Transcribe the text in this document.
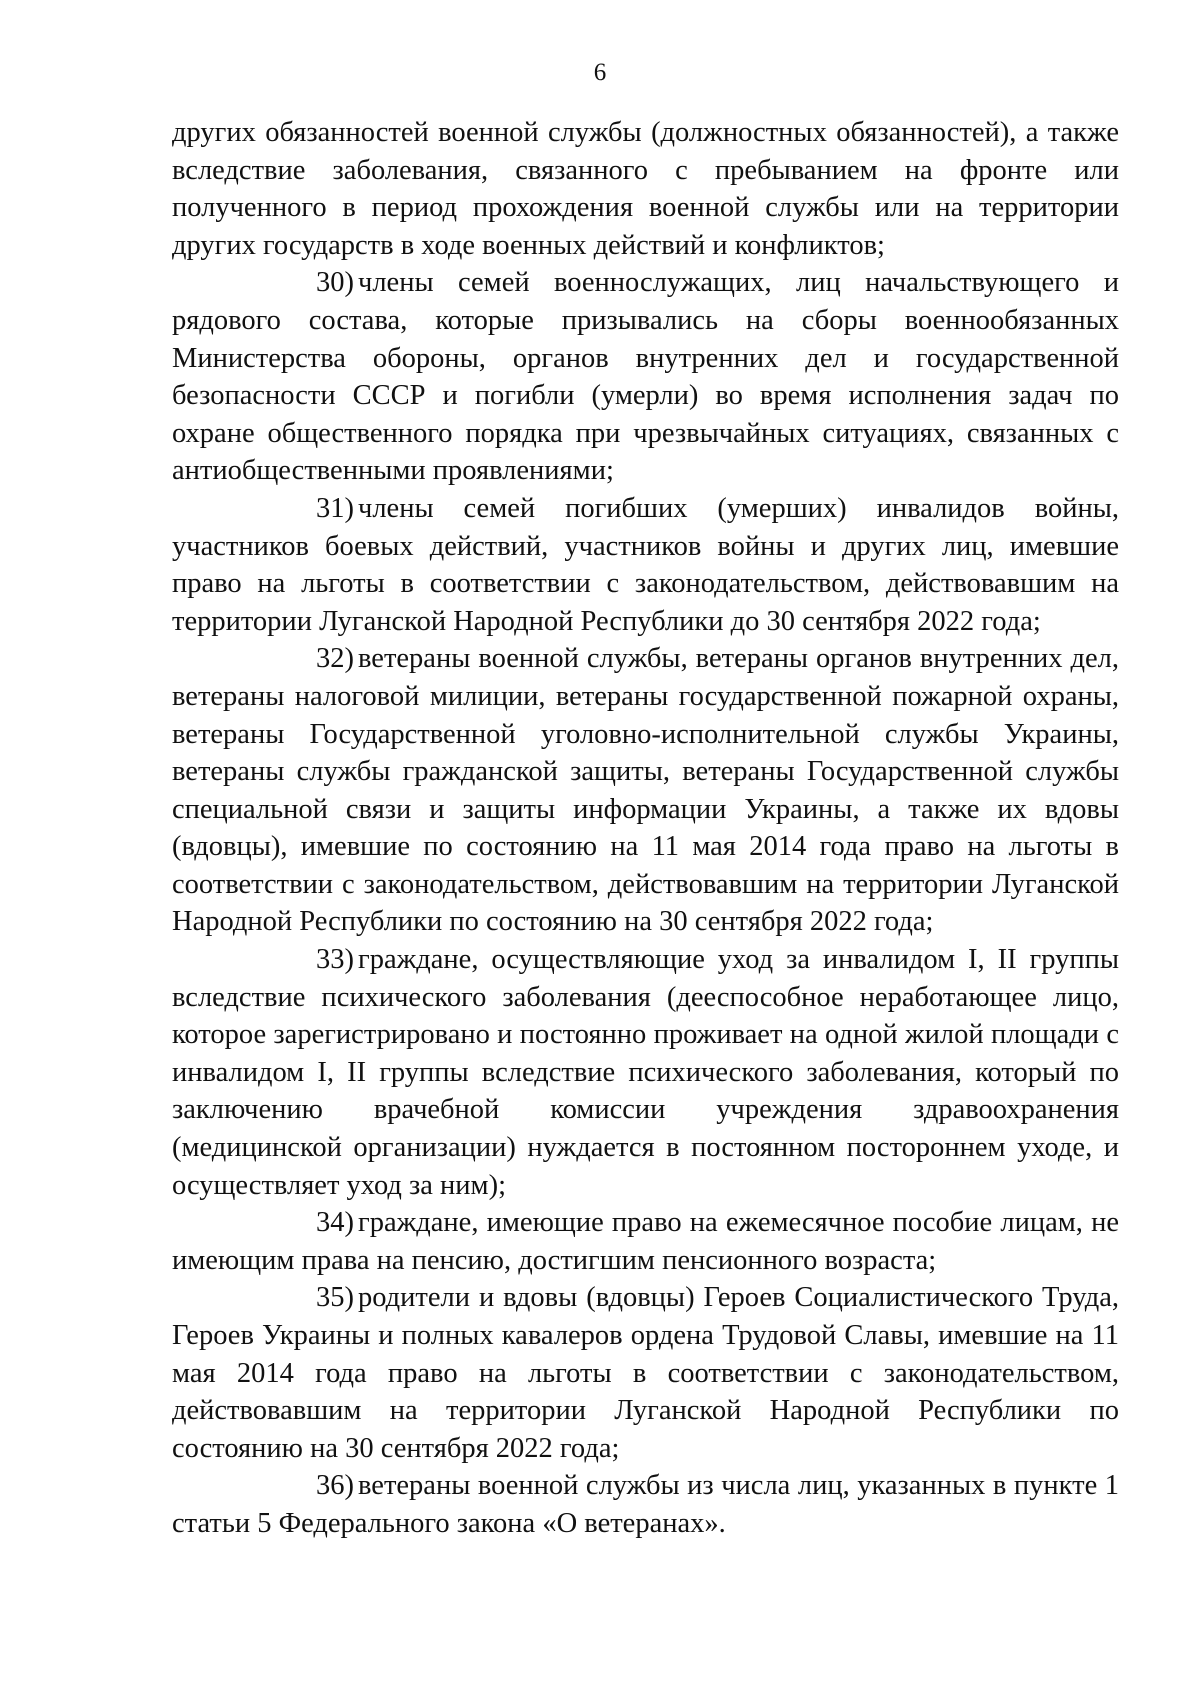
6

других обязанностей военной службы (должностных обязанностей), а также вследствие заболевания, связанного с пребыванием на фронте или полученного в период прохождения военной службы или на территории других государств в ходе военных действий и конфликтов;

30) члены семей военнослужащих, лиц начальствующего и рядового состава, которые призывались на сборы военнообязанных Министерства обороны, органов внутренних дел и государственной безопасности СССР и погибли (умерли) во время исполнения задач по охране общественного порядка при чрезвычайных ситуациях, связанных с антиобщественными проявлениями;

31) члены семей погибших (умерших) инвалидов войны, участников боевых действий, участников войны и других лиц, имевшие право на льготы в соответствии с законодательством, действовавшим на территории Луганской Народной Республики до 30 сентября 2022 года;

32) ветераны военной службы, ветераны органов внутренних дел, ветераны налоговой милиции, ветераны государственной пожарной охраны, ветераны Государственной уголовно-исполнительной службы Украины, ветераны службы гражданской защиты, ветераны Государственной службы специальной связи и защиты информации Украины, а также их вдовы (вдовцы), имевшие по состоянию на 11 мая 2014 года право на льготы в соответствии с законодательством, действовавшим на территории Луганской Народной Республики по состоянию на 30 сентября 2022 года;

33) граждане, осуществляющие уход за инвалидом I, II группы вследствие психического заболевания (дееспособное неработающее лицо, которое зарегистрировано и постоянно проживает на одной жилой площади с инвалидом I, II группы вследствие психического заболевания, который по заключению врачебной комиссии учреждения здравоохранения (медицинской организации) нуждается в постоянном постороннем уходе, и осуществляет уход за ним);

34) граждане, имеющие право на ежемесячное пособие лицам, не имеющим права на пенсию, достигшим пенсионного возраста;

35) родители и вдовы (вдовцы) Героев Социалистического Труда, Героев Украины и полных кавалеров ордена Трудовой Славы, имевшие на 11 мая 2014 года право на льготы в соответствии с законодательством, действовавшим на территории Луганской Народной Республики по состоянию на 30 сентября 2022 года;

36) ветераны военной службы из числа лиц, указанных в пункте 1 статьи 5 Федерального закона «О ветеранах».
